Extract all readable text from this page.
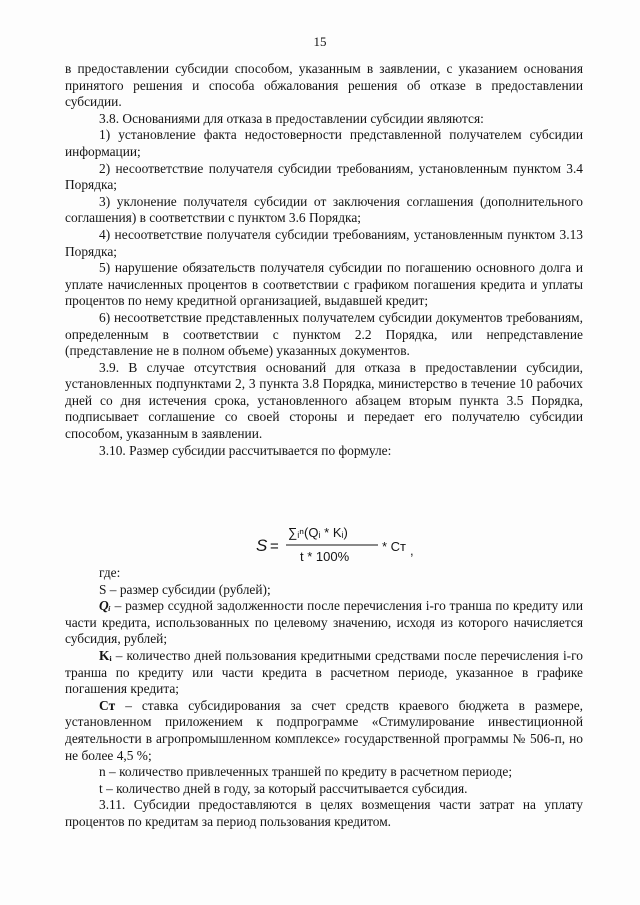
15

в предоставлении субсидии способом, указанным в заявлении, с указанием основания принятого решения и способа обжалования решения об отказе в предоставлении субсидии.

3.8. Основаниями для отказа в предоставлении субсидии являются:

1) установление факта недостоверности представленной получателем субсидии информации;

2) несоответствие получателя субсидии требованиям, установленным пунктом 3.4 Порядка;

3) уклонение получателя субсидии от заключения соглашения (дополнительного соглашения) в соответствии с пунктом 3.6 Порядка;

4) несоответствие получателя субсидии требованиям, установленным пунктом 3.13 Порядка;

5) нарушение обязательств получателя субсидии по погашению основного долга и уплате начисленных процентов в соответствии с графиком погашения кредита и уплаты процентов по нему кредитной организацией, выдавшей кредит;

6) несоответствие представленных получателем субсидии документов требованиям, определенным в соответствии с пунктом 2.2 Порядка, или непредставление (представление не в полном объеме) указанных документов.

3.9. В случае отсутствия оснований для отказа в предоставлении субсидии, установленных подпунктами 2, 3 пункта 3.8 Порядка, министерство в течение 10 рабочих дней со дня истечения срока, установленного абзацем вторым пункта 3.5 Порядка, подписывает соглашение со своей стороны и передает его получателю субсидии способом, указанным в заявлении.

3.10. Размер субсидии рассчитывается по формуле:

S =
∑ᵢⁿ(Qᵢ * Kᵢ)
t * 100%
* Cт ,

где:

S – размер субсидии (рублей);

Qᵢ – размер ссудной задолженности после перечисления i-го транша по кредиту или части кредита, использованных по целевому значению, исходя из которого начисляется субсидия, рублей;

Kᵢ – количество дней пользования кредитными средствами после перечисления i-го транша по кредиту или части кредита в расчетном периоде, указанное в графике погашения кредита;

Cт – ставка субсидирования за счет средств краевого бюджета в размере, установленном приложением к подпрограмме «Стимулирование инвестиционной деятельности в агропромышленном комплексе» государственной программы № 506-п, но не более 4,5 %;

n – количество привлеченных траншей по кредиту в расчетном периоде;

t – количество дней в году, за который рассчитывается субсидия.

3.11. Субсидии предоставляются в целях возмещения части затрат на уплату процентов по кредитам за период пользования кредитом.
